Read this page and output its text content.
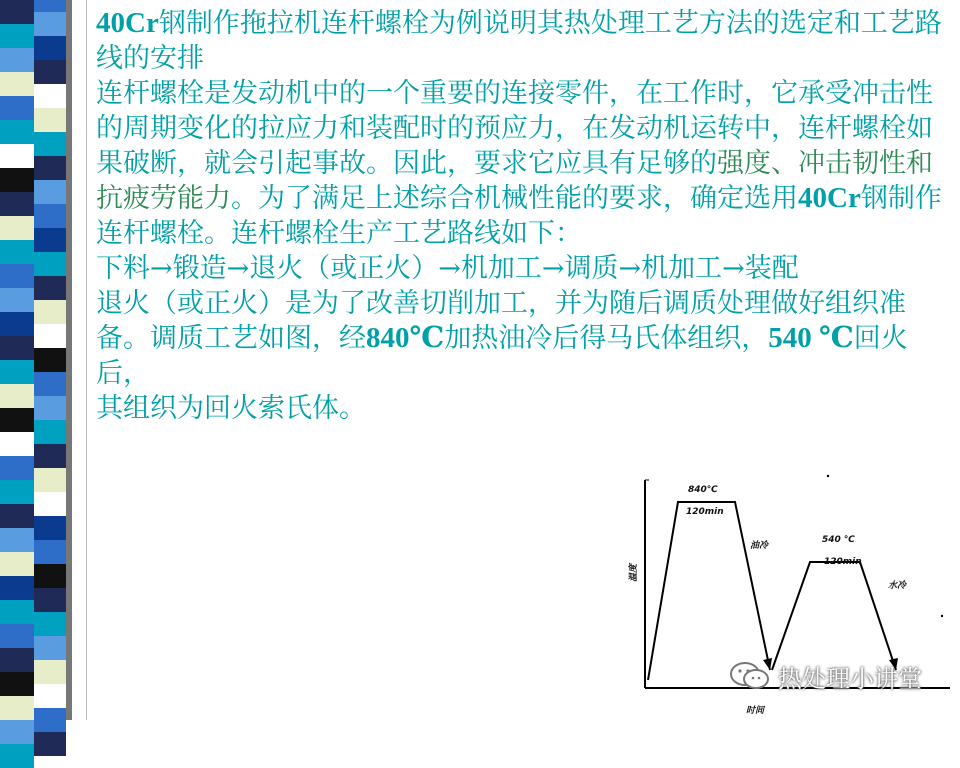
40Cr钢制作拖拉机连杆螺栓为例说明其热处理工艺方法的选定和工艺路线的安排

连杆螺栓是发动机中的一个重要的连接零件，在工作时，它承受冲击性的周期变化的拉应力和装配时的预应力，在发动机运转中，连杆螺栓如果破断，就会引起事故。因此，要求它应具有足够的强度、冲击韧性和抗疲劳能力。为了满足上述综合机械性能的要求，确定选用40Cr钢制作连杆螺栓。连杆螺栓生产工艺路线如下：

下料→锻造→退火（或正火）→机加工→调质→机加工→装配

退火（或正火）是为了改善切削加工，并为随后调质处理做好组织准备。调质工艺如图，经840℃加热油冷后得马氏体组织，540 ℃回火后，

其组织为回火索氏体。

840℃
120min
油冷
540 ℃
120min
水冷
温度
时间
热处理小讲堂
